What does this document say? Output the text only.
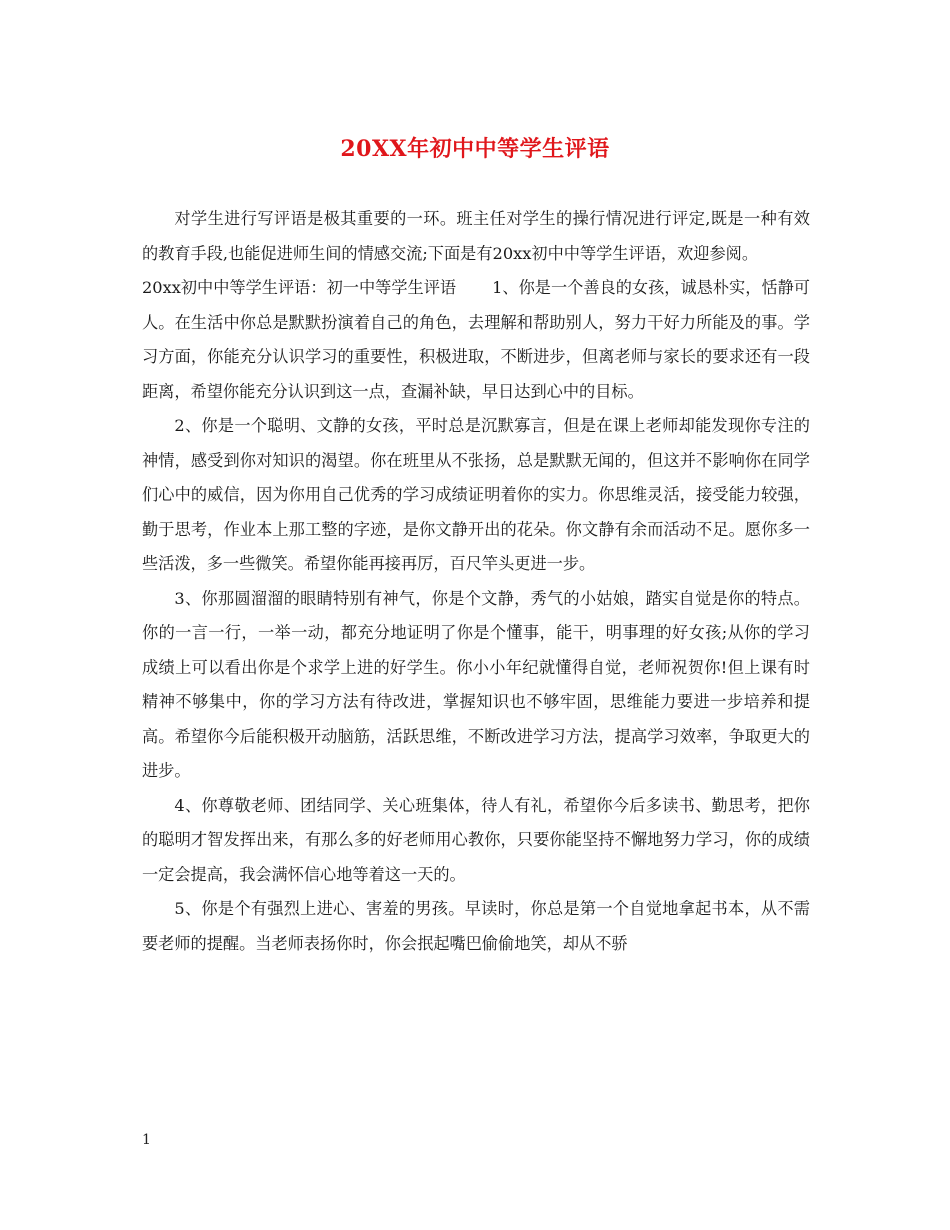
20XX年初中中等学生评语

对学生进行写评语是极其重要的一环。班主任对学生的操行情况进行评定,既是一种有效的教育手段,也能促进师生间的情感交流;下面是有20xx初中中等学生评语，欢迎参阅。

20xx初中中等学生评语：初一中等学生评语 1、你是一个善良的女孩，诚恳朴实，恬静可人。在生活中你总是默默扮演着自己的角色，去理解和帮助别人，努力干好力所能及的事。学习方面，你能充分认识学习的重要性，积极进取，不断进步，但离老师与家长的要求还有一段距离，希望你能充分认识到这一点，查漏补缺，早日达到心中的目标。

2、你是一个聪明、文静的女孩，平时总是沉默寡言，但是在课上老师却能发现你专注的神情，感受到你对知识的渴望。你在班里从不张扬，总是默默无闻的，但这并不影响你在同学们心中的威信，因为你用自己优秀的学习成绩证明着你的实力。你思维灵活，接受能力较强，勤于思考，作业本上那工整的字迹，是你文静开出的花朵。你文静有余而活动不足。愿你多一些活泼，多一些微笑。希望你能再接再厉，百尺竿头更进一步。

3、你那圆溜溜的眼睛特别有神气，你是个文静，秀气的小姑娘，踏实自觉是你的特点。你的一言一行，一举一动，都充分地证明了你是个懂事，能干，明事理的好女孩;从你的学习成绩上可以看出你是个求学上进的好学生。你小小年纪就懂得自觉，老师祝贺你!但上课有时精神不够集中，你的学习方法有待改进，掌握知识也不够牢固，思维能力要进一步培养和提高。希望你今后能积极开动脑筋，活跃思维，不断改进学习方法，提高学习效率，争取更大的进步。

4、你尊敬老师、团结同学、关心班集体，待人有礼，希望你今后多读书、勤思考，把你的聪明才智发挥出来，有那么多的好老师用心教你，只要你能坚持不懈地努力学习，你的成绩一定会提高，我会满怀信心地等着这一天的。

5、你是个有强烈上进心、害羞的男孩。早读时，你总是第一个自觉地拿起书本，从不需要老师的提醒。当老师表扬你时，你会抿起嘴巴偷偷地笑，却从不骄

1
